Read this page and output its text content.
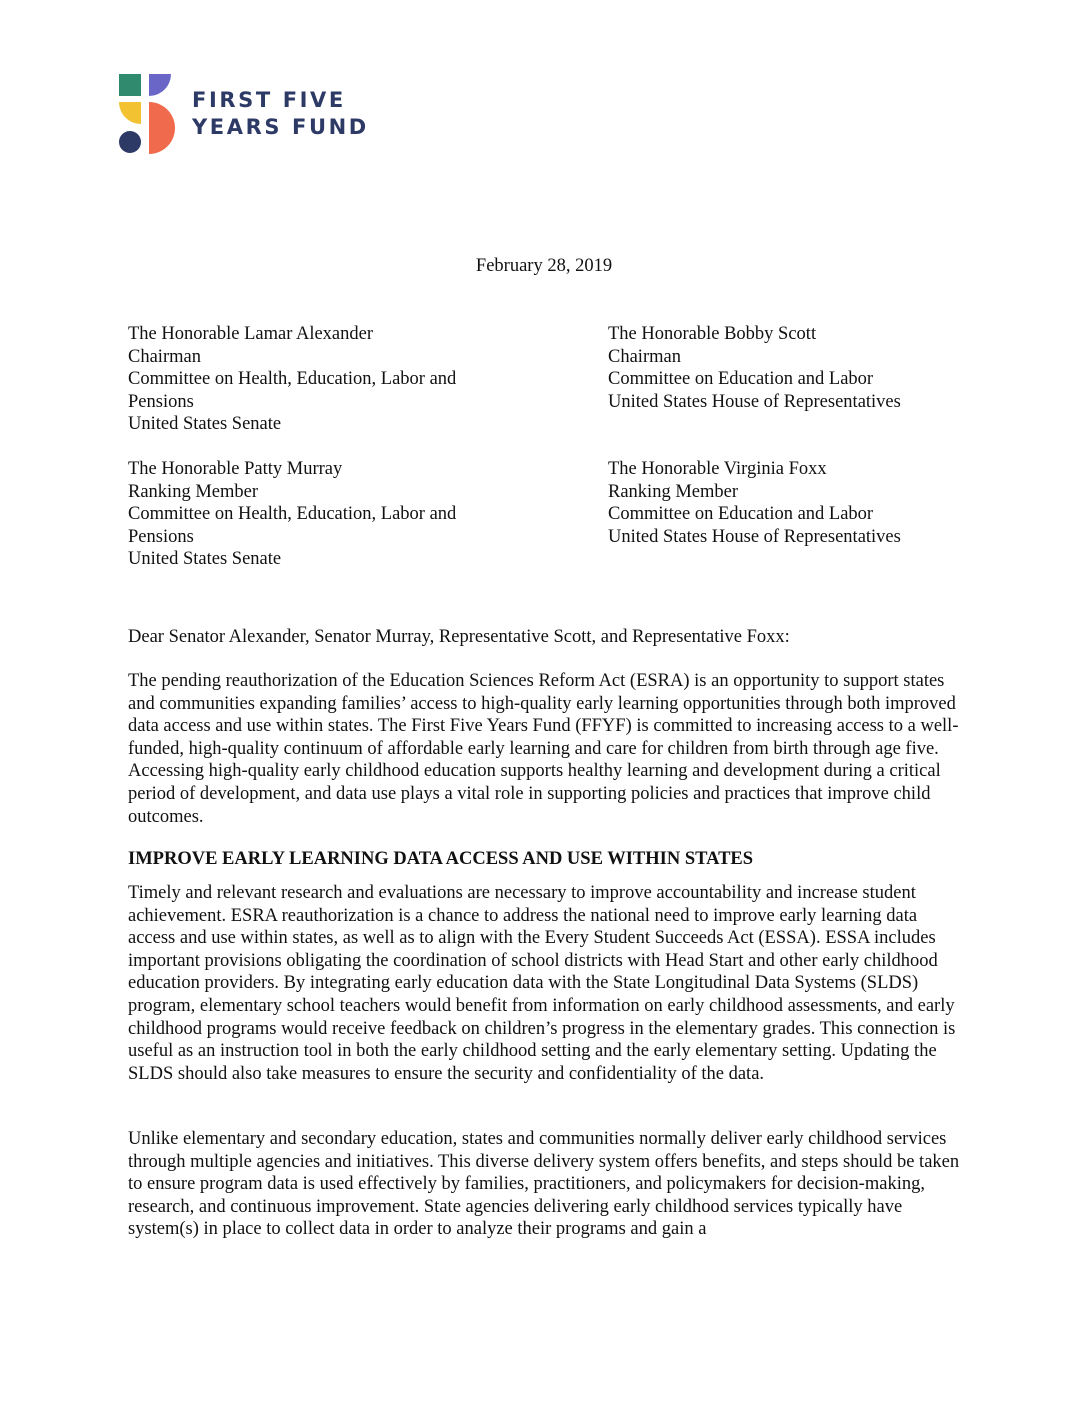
FIRST FIVE
YEARS FUND
February 28, 2019
The Honorable Lamar Alexander
Chairman
Committee on Health, Education, Labor and
Pensions
United States Senate
The Honorable Bobby Scott
Chairman
Committee on Education and Labor
United States House of Representatives
The Honorable Patty Murray
Ranking Member
Committee on Health, Education, Labor and
Pensions
United States Senate
The Honorable Virginia Foxx
Ranking Member
Committee on Education and Labor
United States House of Representatives
Dear Senator Alexander, Senator Murray, Representative Scott, and Representative Foxx:

The pending reauthorization of the Education Sciences Reform Act (ESRA) is an opportunity to support states and communities expanding families’ access to high-quality early learning opportunities through both improved data access and use within states. The First Five Years Fund (FFYF) is committed to increasing access to a well-funded, high-quality continuum of affordable early learning and care for children from birth through age five. Accessing high-quality early childhood education supports healthy learning and development during a critical period of development, and data use plays a vital role in supporting policies and practices that improve child outcomes.

IMPROVE EARLY LEARNING DATA ACCESS AND USE WITHIN STATES

Timely and relevant research and evaluations are necessary to improve accountability and increase student achievement. ESRA reauthorization is a chance to address the national need to improve early learning data access and use within states, as well as to align with the Every Student Succeeds Act (ESSA). ESSA includes important provisions obligating the coordination of school districts with Head Start and other early childhood education providers. By integrating early education data with the State Longitudinal Data Systems (SLDS) program, elementary school teachers would benefit from information on early childhood assessments, and early childhood programs would receive feedback on children’s progress in the elementary grades. This connection is useful as an instruction tool in both the early childhood setting and the early elementary setting. Updating the SLDS should also take measures to ensure the security and confidentiality of the data.

Unlike elementary and secondary education, states and communities normally deliver early childhood services through multiple agencies and initiatives. This diverse delivery system offers benefits, and steps should be taken to ensure program data is used effectively by families, practitioners, and policymakers for decision-making, research, and continuous improvement. State agencies delivering early childhood services typically have system(s) in place to collect data in order to analyze their programs and gain a
